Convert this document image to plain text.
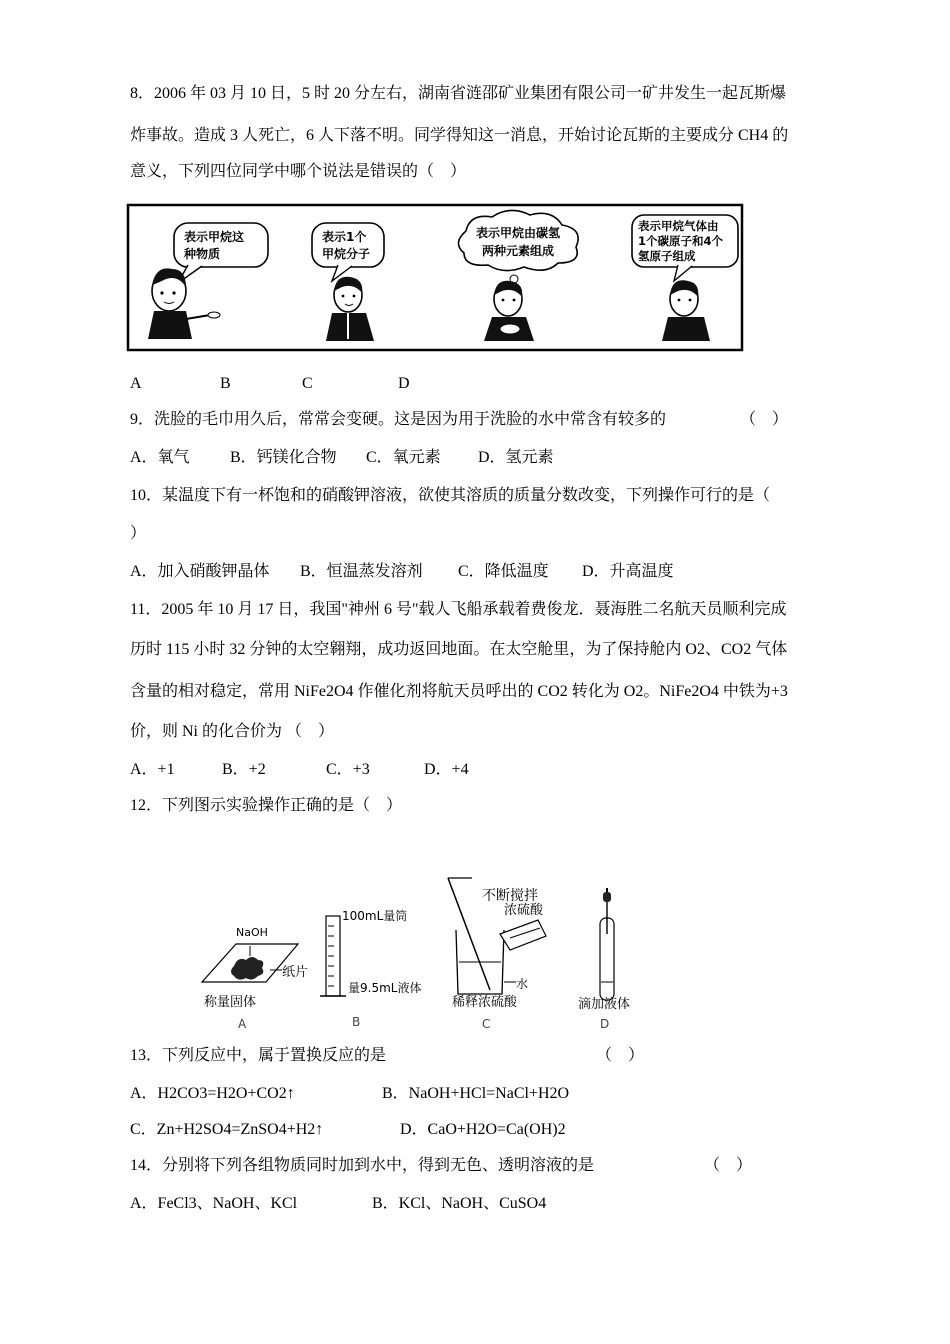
8．2006 年 03 月 10 日，5 时 20 分左右，湖南省涟邵矿业集团有限公司一矿井发生一起瓦斯爆
炸事故。造成 3 人死亡，6 人下落不明。同学得知这一消息，开始讨论瓦斯的主要成分 CH4 的
意义，下列四位同学中哪个说法是错误的（　）
表示甲烷这
种物质
表示1个
甲烷分子
表示甲烷由碳氢
两种元素组成
表示甲烷气体由
1个碳原子和4个
氢原子组成
A	B	C	D
9．洗脸的毛巾用久后，常常会变硬。这是因为用于洗脸的水中常含有较多的	（　）
A．氧气	B．钙镁化合物 C．氧元素 D．氢元素
10．某温度下有一杯饱和的硝酸钾溶液，欲使其溶质的质量分数改变，下列操作可行的是（
）
A．加入硝酸钾晶体 B．恒温蒸发溶剂 C．降低温度 D．升高温度
11．2005 年 10 月 17 日，我国"神州 6 号"载人飞船承载着费俊龙．聂海胜二名航天员顺利完成
历时 115 小时 32 分钟的太空翱翔，成功返回地面。在太空舱里，为了保持舱内 O2、CO2 气体
含量的相对稳定，常用 NiFe2O4 作催化剂将航天员呼出的 CO2 转化为 O2。NiFe2O4 中铁为+3
价，则 Ni 的化合价为 （　）
A．+1	B．+2	C．+3	D．+4
12．下列图示实验操作正确的是（　）
NaOH
纸片
称量固体
A
100mL量筒
量9.5mL液体
B
不断搅拌
浓硫酸
水
稀释浓硫酸
C
滴加液体
D
13．下列反应中，属于置换反应的是	（　）
A．H2CO3=H2O+CO2↑	B．NaOH+HCl=NaCl+H2O
C．Zn+H2SO4=ZnSO4+H2↑	D．CaO+H2O=Ca(OH)2
14．分别将下列各组物质同时加到水中，得到无色、透明溶液的是	（　）
A．FeCl3、NaOH、KCl	B．KCl、NaOH、CuSO4
